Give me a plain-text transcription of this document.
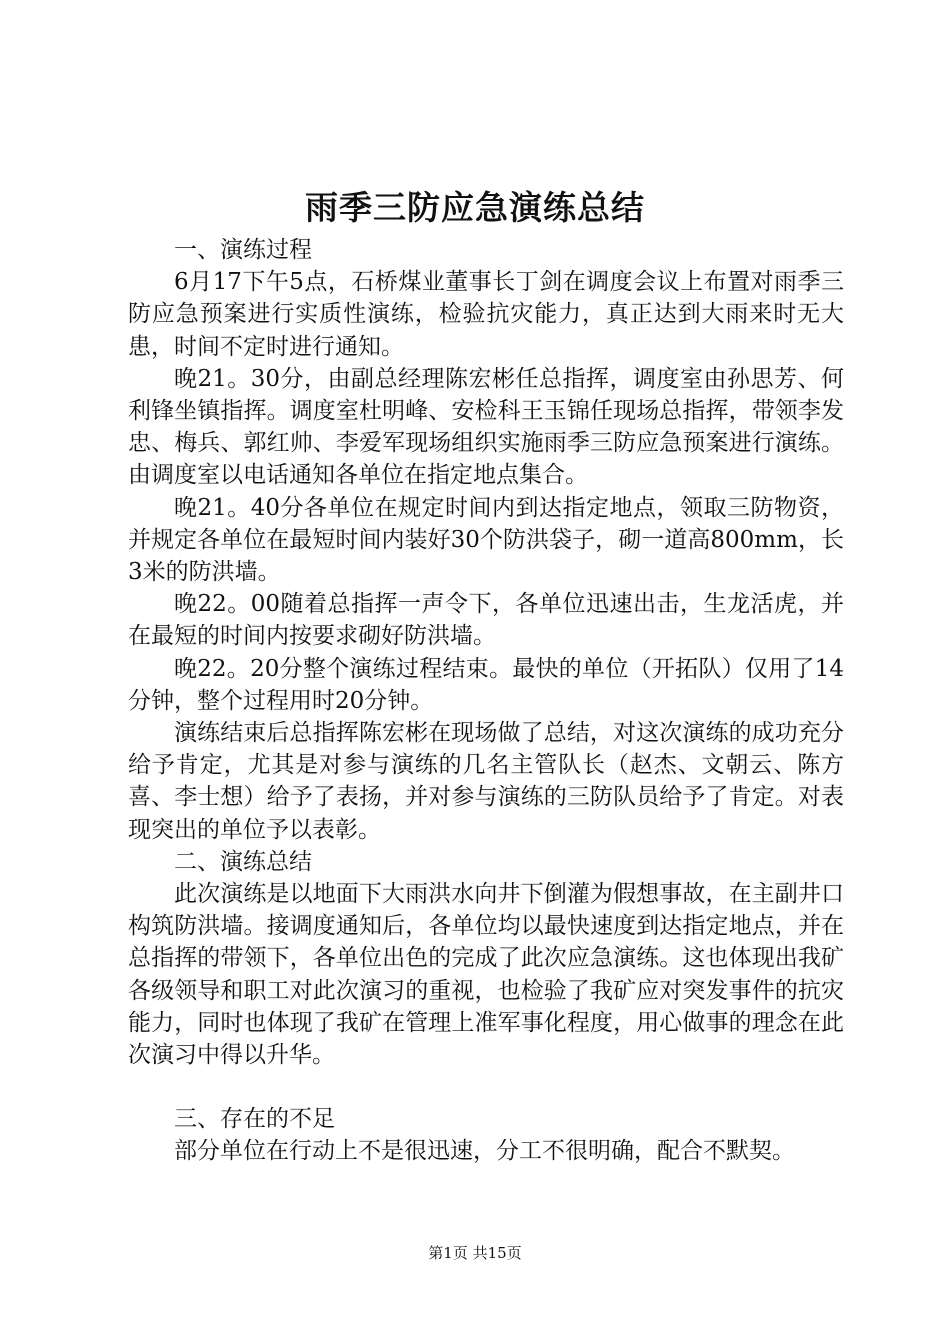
雨季三防应急演练总结

一、演练过程

6月17下午5点，石桥煤业董事长丁剑在调度会议上布置对雨季三防应急预案进行实质性演练，检验抗灾能力，真正达到大雨来时无大患，时间不定时进行通知。

晚21。30分，由副总经理陈宏彬任总指挥，调度室由孙思芳、何利锋坐镇指挥。调度室杜明峰、安检科王玉锦任现场总指挥，带领李发忠、梅兵、郭红帅、李爱军现场组织实施雨季三防应急预案进行演练。由调度室以电话通知各单位在指定地点集合。

晚21。40分各单位在规定时间内到达指定地点，领取三防物资，并规定各单位在最短时间内装好30个防洪袋子，砌一道高800mm，长3米的防洪墙。

晚22。00随着总指挥一声令下，各单位迅速出击，生龙活虎，并在最短的时间内按要求砌好防洪墙。

晚22。20分整个演练过程结束。最快的单位（开拓队）仅用了14分钟，整个过程用时20分钟。

演练结束后总指挥陈宏彬在现场做了总结，对这次演练的成功充分给予肯定，尤其是对参与演练的几名主管队长（赵杰、文朝云、陈方喜、李士想）给予了表扬，并对参与演练的三防队员给予了肯定。对表现突出的单位予以表彰。

二、演练总结

此次演练是以地面下大雨洪水向井下倒灌为假想事故，在主副井口构筑防洪墙。接调度通知后，各单位均以最快速度到达指定地点，并在总指挥的带领下，各单位出色的完成了此次应急演练。这也体现出我矿各级领导和职工对此次演习的重视，也检验了我矿应对突发事件的抗灾能力，同时也体现了我矿在管理上准军事化程度，用心做事的理念在此次演习中得以升华。

三、存在的不足

部分单位在行动上不是很迅速，分工不很明确，配合不默契。

第1页 共15页
